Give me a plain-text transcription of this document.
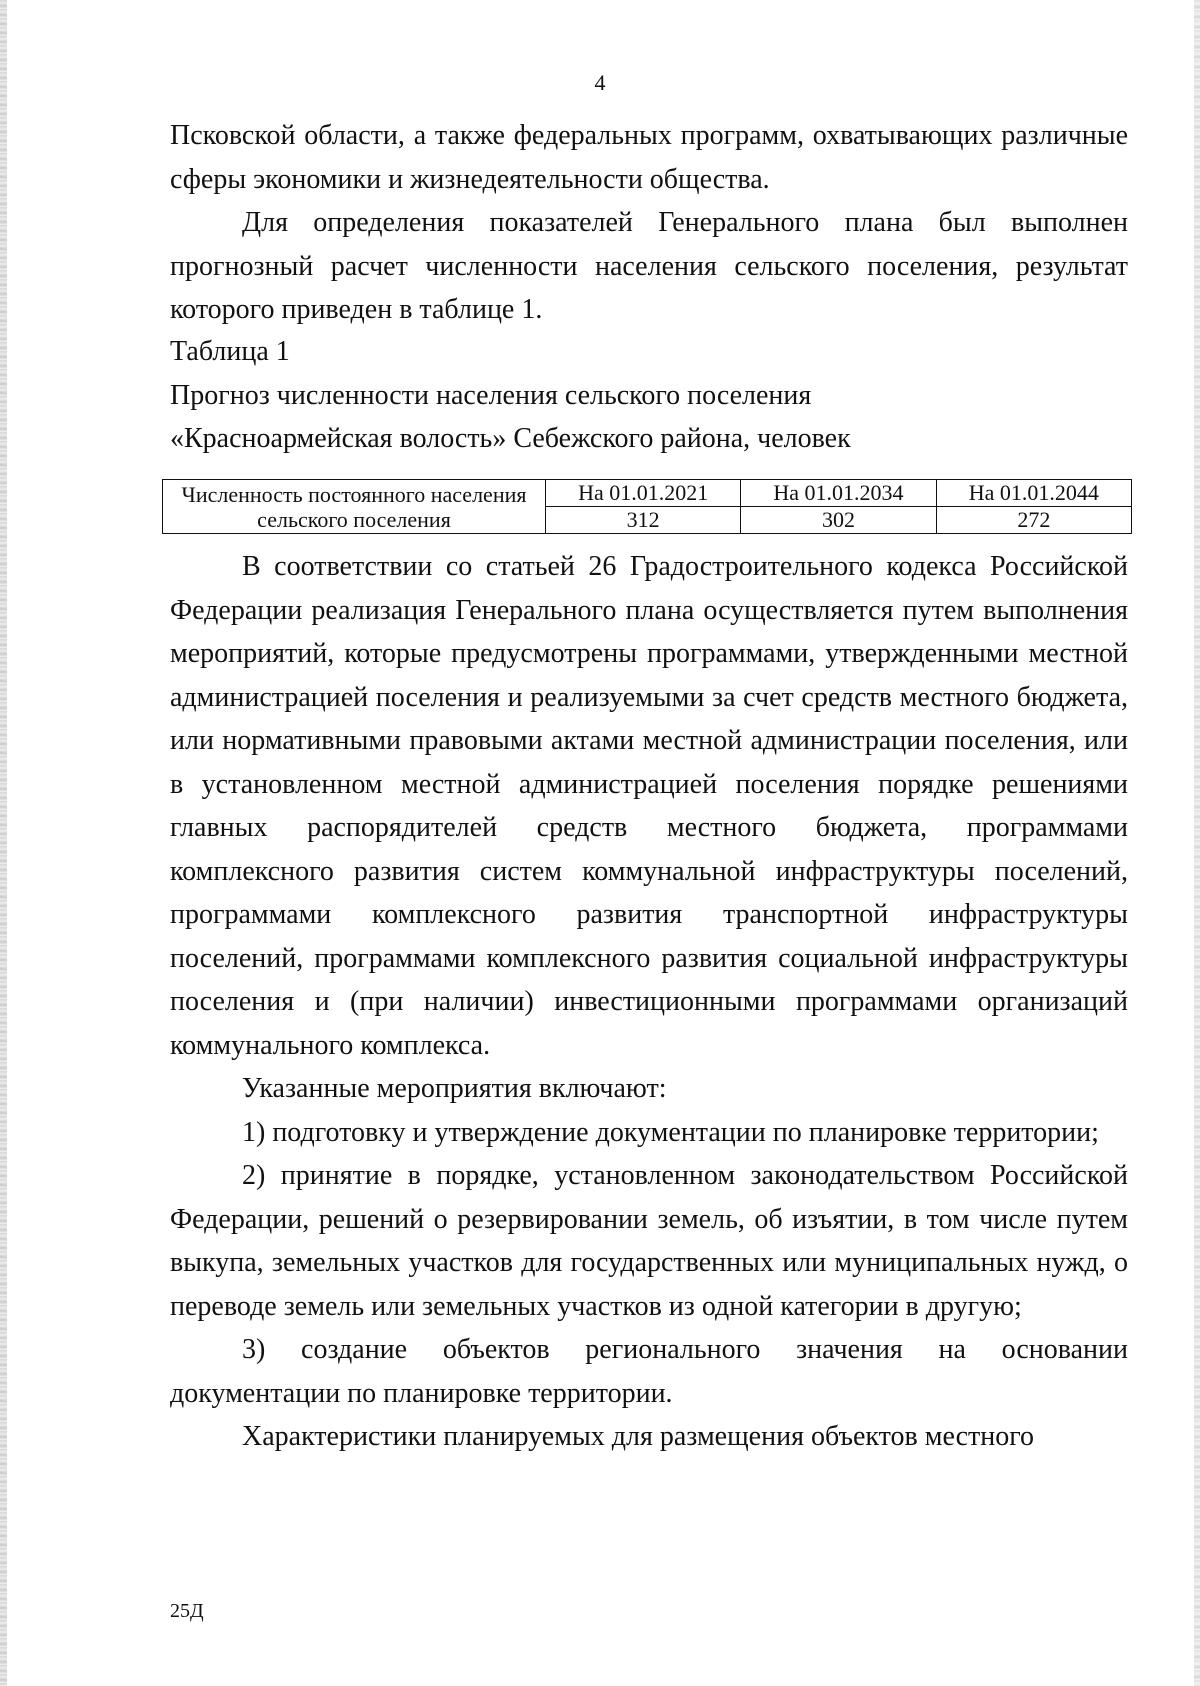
4

Псковской области, а также федеральных программ, охватывающих различные сферы экономики и жизнедеятельности общества.

Для определения показателей Генерального плана был выполнен прогнозный расчет численности населения сельского поселения, результат которого приведен в таблице 1.

Таблица 1

Прогноз численности населения сельского поселения

«Красноармейская волость» Себежского района, человек

Численность постоянного населения сельского поселения	На 01.01.2021	На 01.01.2034	На 01.01.2044
	312	302	272

В соответствии со статьей 26 Градостроительного кодекса Российской Федерации реализация Генерального плана осуществляется путем выполнения мероприятий, которые предусмотрены программами, утвержденными местной администрацией поселения и реализуемыми за счет средств местного бюджета, или нормативными правовыми актами местной администрации поселения, или в установленном местной администрацией поселения порядке решениями главных распорядителей средств местного бюджета, программами комплексного развития систем коммунальной инфраструктуры поселений, программами комплексного развития транспортной инфраструктуры поселений, программами комплексного развития социальной инфраструктуры поселения и (при наличии) инвестиционными программами организаций коммунального комплекса.

Указанные мероприятия включают:

1) подготовку и утверждение документации по планировке территории;

2) принятие в порядке, установленном законодательством Российской Федерации, решений о резервировании земель, об изъятии, в том числе путем выкупа, земельных участков для государственных или муниципальных нужд, о переводе земель или земельных участков из одной категории в другую;

3) создание объектов регионального значения на основании документации по планировке территории.

Характеристики планируемых для размещения объектов местного

25Д
